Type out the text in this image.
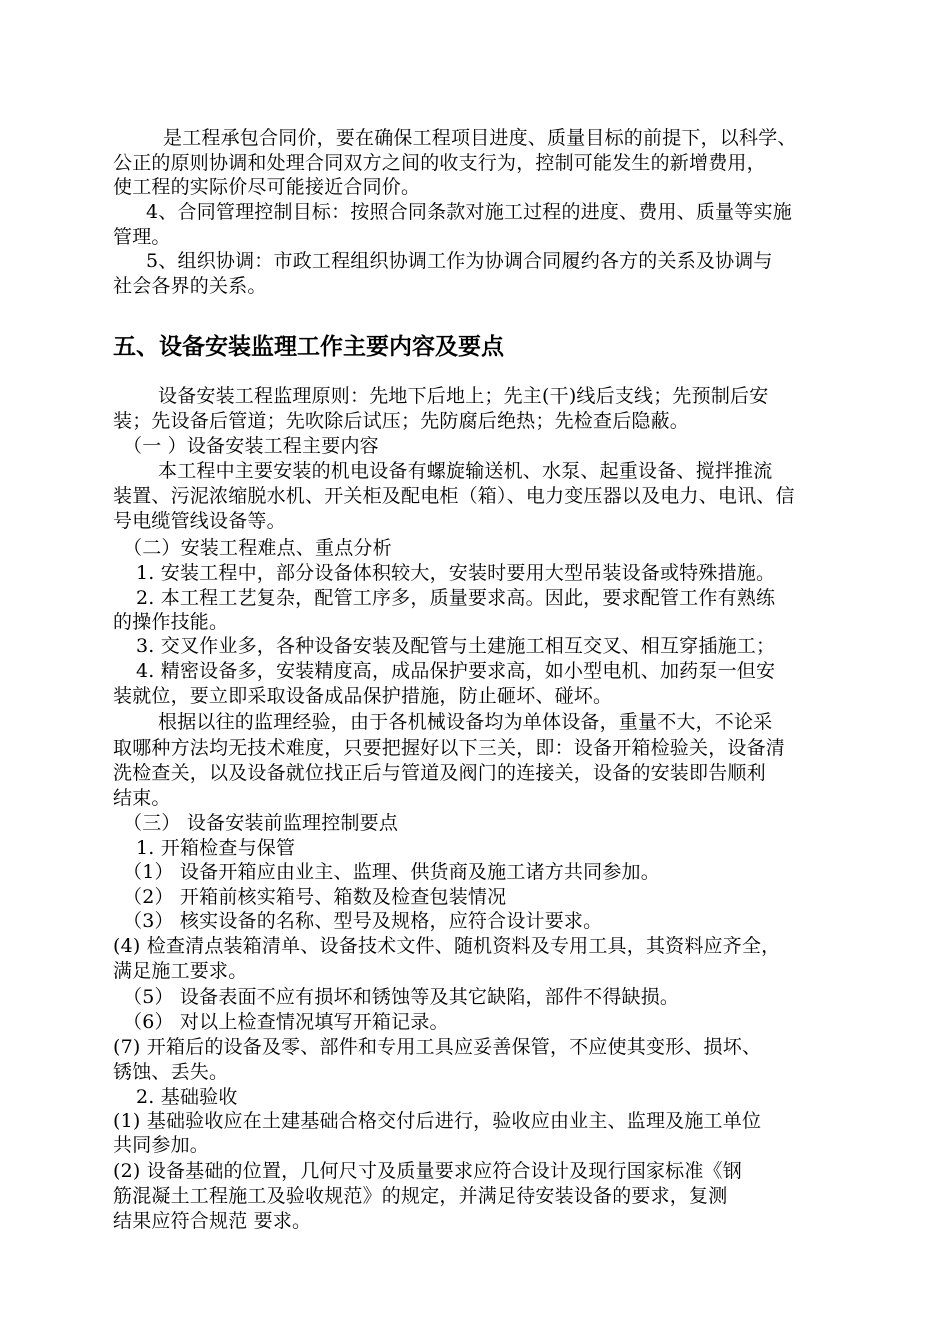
是工程承包合同价，要在确保工程项目进度、质量目标的前提下，以科学、
公正的原则协调和处理合同双方之间的收支行为，控制可能发生的新增费用，
使工程的实际价尽可能接近合同价。
4、合同管理控制目标：按照合同条款对施工过程的进度、费用、质量等实施
管理。
5、组织协调：市政工程组织协调工作为协调合同履约各方的关系及协调与
社会各界的关系。
五、设备安装监理工作主要内容及要点
设备安装工程监理原则：先地下后地上；先主(干)线后支线；先预制后安
装；先设备后管道；先吹除后试压；先防腐后绝热；先检查后隐蔽。
（一 ）设备安装工程主要内容
本工程中主要安装的机电设备有螺旋输送机、水泵、起重设备、搅拌推流
装置、污泥浓缩脱水机、开关柜及配电柜（箱）、电力变压器以及电力、电讯、信
号电缆管线设备等。
（二）安装工程难点、重点分析
1. 安装工程中，部分设备体积较大，安装时要用大型吊装设备或特殊措施。
2. 本工程工艺复杂，配管工序多，质量要求高。因此，要求配管工作有熟练
的操作技能。
3. 交叉作业多，各种设备安装及配管与土建施工相互交叉、相互穿插施工；
4. 精密设备多，安装精度高，成品保护要求高，如小型电机、加药泵一但安
装就位，要立即采取设备成品保护措施，防止砸坏、碰坏。
根据以往的监理经验，由于各机械设备均为单体设备，重量不大，不论采
取哪种方法均无技术难度，只要把握好以下三关，即：设备开箱检验关，设备清
洗检查关，以及设备就位找正后与管道及阀门的连接关，设备的安装即告顺利
结束。
（三） 设备安装前监理控制要点
1. 开箱检查与保管
（1） 设备开箱应由业主、监理、供货商及施工诸方共同参加。
（2） 开箱前核实箱号、箱数及检查包装情况
（3） 核实设备的名称、型号及规格，应符合设计要求。
(4) 检查清点装箱清单、设备技术文件、随机资料及专用工具，其资料应齐全，
满足施工要求。
（5） 设备表面不应有损坏和锈蚀等及其它缺陷，部件不得缺损。
（6） 对以上检查情况填写开箱记录。
(7) 开箱后的设备及零、部件和专用工具应妥善保管，不应使其变形、损坏、
锈蚀、丢失。
2. 基础验收
(1) 基础验收应在土建基础合格交付后进行，验收应由业主、监理及施工单位
共同参加。
(2) 设备基础的位置，几何尺寸及质量要求应符合设计及现行国家标准《钢
筋混凝土工程施工及验收规范》的规定，并满足待安装设备的要求，复测
结果应符合规范 要求。
